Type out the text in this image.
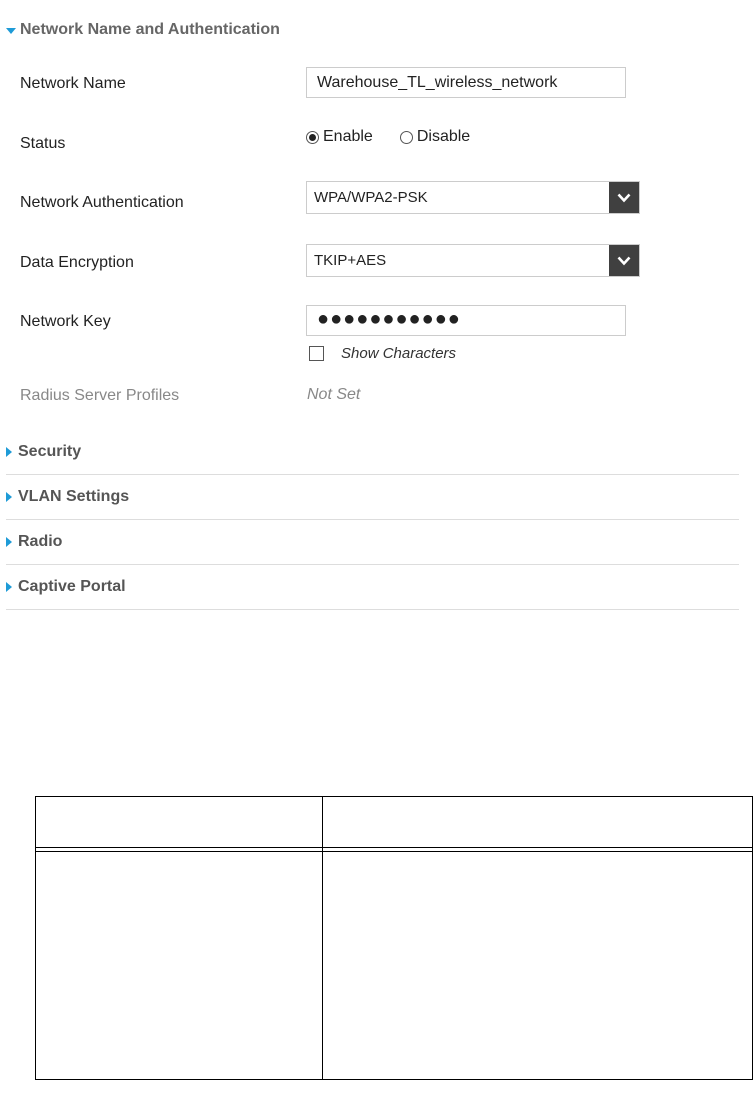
Network Name and Authentication
Network Name	Warehouse_TL_wireless_network
Status	Enable	Disable
Network Authentication	WPA/WPA2-PSK
Data Encryption	TKIP+AES
Network Key	●●●●●●●●●●●
Show Characters
Radius Server Profiles	Not Set
Security
VLAN Settings
Radio
Captive Portal
